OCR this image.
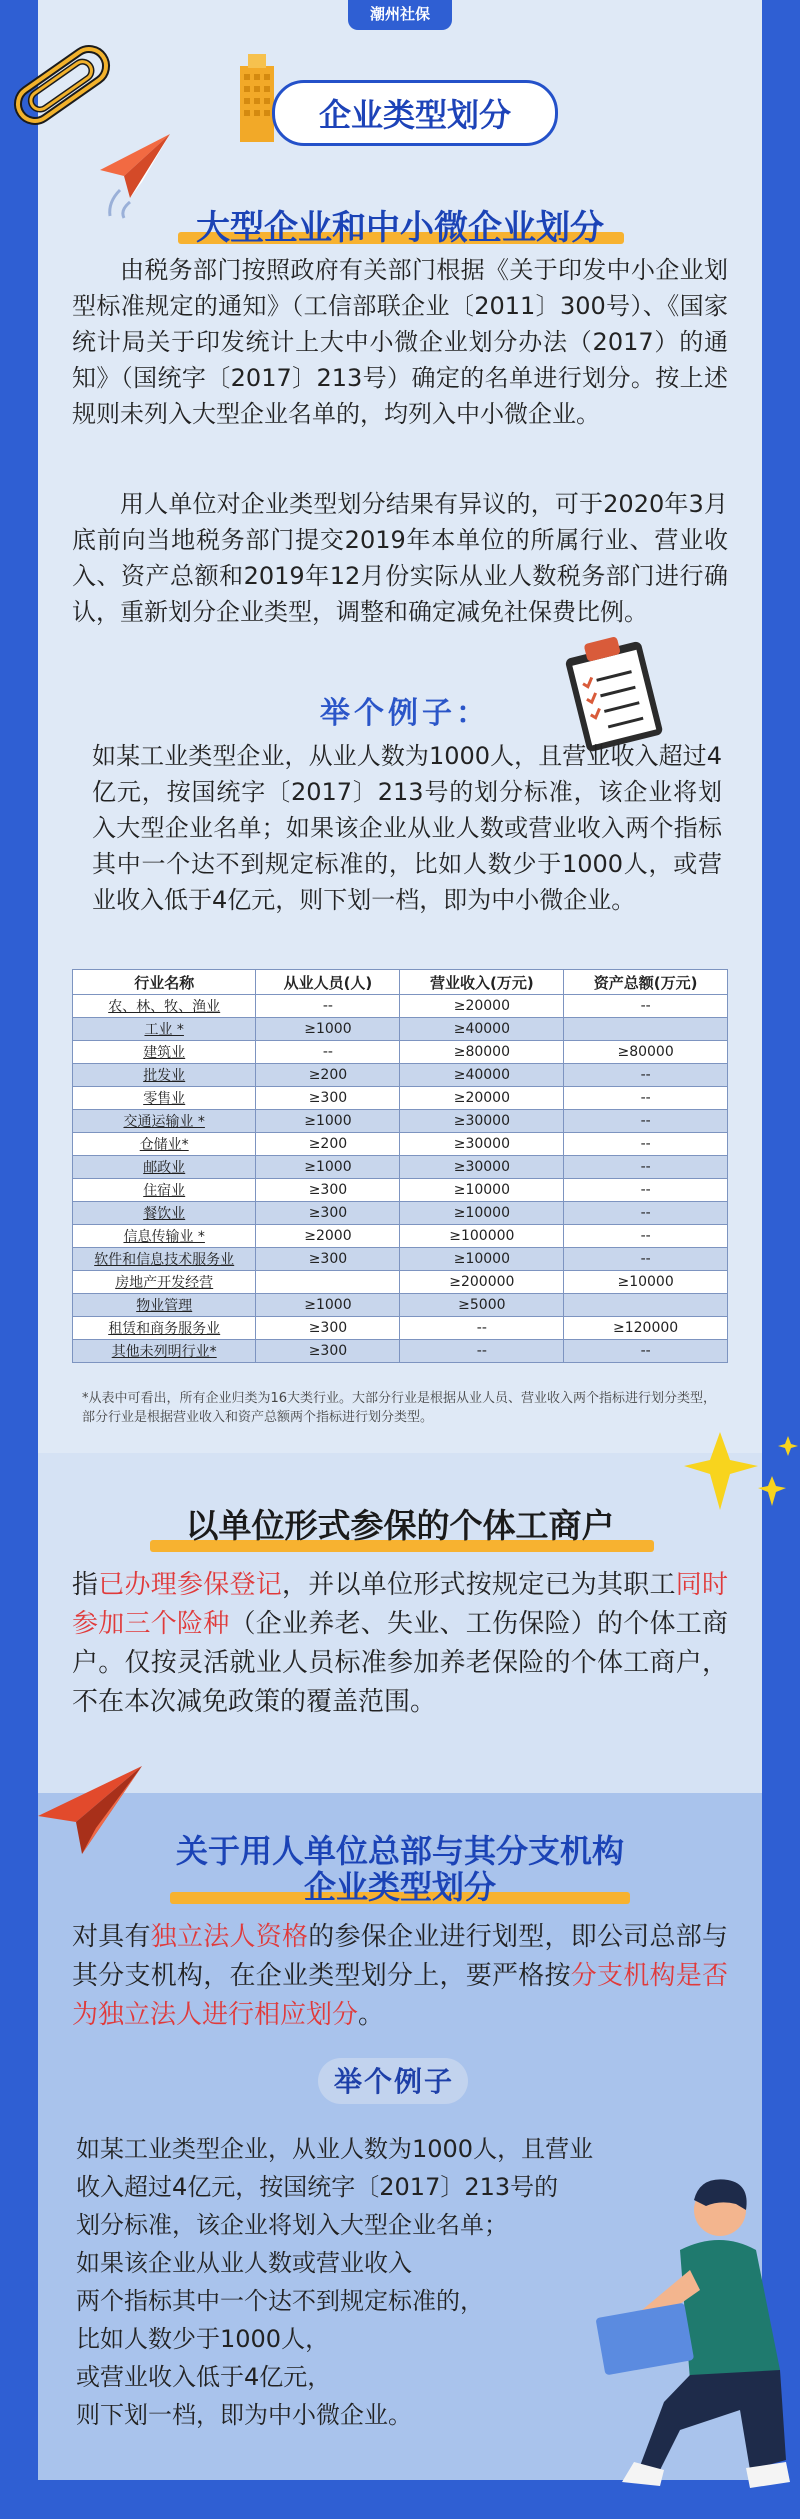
潮州社保
企业类型划分
大型企业和中小微企业划分
由税务部门按照政府有关部门根据《关于印发中小企业划型标准规定的通知》（工信部联企业〔2011〕300号）、《国家统计局关于印发统计上大中小微企业划分办法（2017）的通知》（国统字〔2017〕213号）确定的名单进行划分。按上述规则未列入大型企业名单的，均列入中小微企业。
用人单位对企业类型划分结果有异议的，可于2020年3月底前向当地税务部门提交2019年本单位的所属行业、营业收入、资产总额和2019年12月份实际从业人数税务部门进行确认，重新划分企业类型，调整和确定减免社保费比例。
举个例子：
如某工业类型企业，从业人数为1000人，且营业收入超过4亿元，按国统字〔2017〕213号的划分标准，该企业将划入大型企业名单；如果该企业从业人数或营业收入两个指标其中一个达不到规定标准的，比如人数少于1000人，或营业收入低于4亿元，则下划一档，即为中小微企业。
行业名称	从业人员(人)	营业收入(万元)	资产总额(万元)
农、林、牧、渔业	--	≥20000	--
工业 *	≥1000	≥40000	
建筑业	--	≥80000	≥80000
批发业	≥200	≥40000	--
零售业	≥300	≥20000	--
交通运输业 *	≥1000	≥30000	--
仓储业*	≥200	≥30000	--
邮政业	≥1000	≥30000	--
住宿业	≥300	≥10000	--
餐饮业	≥300	≥10000	--
信息传输业 *	≥2000	≥100000	--
软件和信息技术服务业	≥300	≥10000	--
房地产开发经营		≥200000	≥10000
物业管理	≥1000	≥5000	
租赁和商务服务业	≥300	--	≥120000
其他未列明行业*	≥300	--	--
*从表中可看出，所有企业归类为16大类行业。大部分行业是根据从业人员、营业收入两个指标进行划分类型，部分行业是根据营业收入和资产总额两个指标进行划分类型。
以单位形式参保的个体工商户
指已办理参保登记，并以单位形式按规定已为其职工同时参加三个险种（企业养老、失业、工伤保险）的个体工商户。仅按灵活就业人员标准参加养老保险的个体工商户，不在本次减免政策的覆盖范围。
关于用人单位总部与其分支机构
企业类型划分
对具有独立法人资格的参保企业进行划型，即公司总部与其分支机构，在企业类型划分上，要严格按分支机构是否为独立法人进行相应划分。
举个例子
如某工业类型企业，从业人数为1000人，且营业
收入超过4亿元，按国统字〔2017〕213号的
划分标准，该企业将划入大型企业名单；
如果该企业从业人数或营业收入
两个指标其中一个达不到规定标准的，
比如人数少于1000人，
或营业收入低于4亿元，
则下划一档，即为中小微企业。
